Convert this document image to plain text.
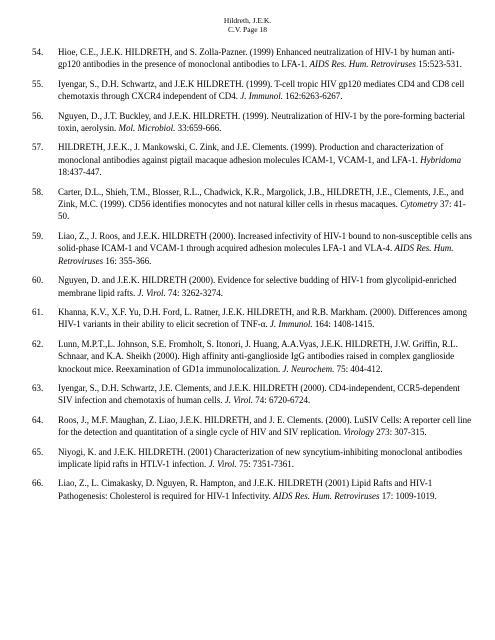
Hildreth, J.E.K.
C.V. Page 18
54.	Hioe, C.E., J.E.K. HILDRETH, and S. Zolla-Pazner. (1999) Enhanced neutralization of HIV-1 by human anti-gp120 antibodies in the presence of monoclonal antibodies to LFA-1. AIDS Res. Hum. Retroviruses 15:523-531.
55.	Iyengar, S., D.H. Schwartz, and J.E.K HILDRETH. (1999). T-cell tropic HIV gp120 mediates CD4 and CD8 cell chemotaxis through CXCR4 independent of CD4. J. Immunol. 162:6263-6267.
56.	Nguyen, D., J.T. Buckley, and J.E.K. HILDRETH. (1999). Neutralization of HIV-1 by the pore-forming bacterial toxin, aerolysin. Mol. Microbiol. 33:659-666.
57.	HILDRETH, J.E.K., J. Mankowski, C. Zink, and J.E. Clements. (1999). Production and characterization of monoclonal antibodies against pigtail macaque adhesion molecules ICAM-1, VCAM-1, and LFA-1. Hybridoma 18:437-447.
58.	Carter, D.L., Shieh, T.M., Blosser, R.L., Chadwick, K.R., Margolick, J.B., HILDRETH, J.E., Clements, J.E., and Zink, M.C. (1999). CD56 identifies monocytes and not natural killer cells in rhesus macaques. Cytometry 37: 41-50.
59.	Liao, Z., J. Roos, and J.E.K. HILDRETH (2000). Increased infectivity of HIV-1 bound to non-susceptible cells ans solid-phase ICAM-1 and VCAM-1 through acquired adhesion molecules LFA-1 and VLA-4. AIDS Res. Hum. Retroviruses 16: 355-366.
60.	Nguyen, D. and J.E.K. HILDRETH (2000). Evidence for selective budding of HIV-1 from glycolipid-enriched membrane lipid rafts. J. Virol. 74: 3262-3274.
61.	Khanna, K.V., X.F. Yu, D.H. Ford, L. Ratner, J.E.K. HILDRETH, and R.B. Markham. (2000). Differences among HIV-1 variants in their ability to elicit secretion of TNF-α. J. Immunol. 164: 1408-1415.
62.	Lunn, M.P.T.,L. Johnson, S.E. Fromholt, S. Itonori, J. Huang, A.A.Vyas, J.E.K. HILDRETH, J.W. Griffin, R.L. Schnaar, and K.A. Sheikh (2000). High affinity anti-ganglioside IgG antibodies raised in complex ganglioside knockout mice. Reexamination of GD1a immunolocalization. J. Neurochem. 75: 404-412.
63.	Iyengar, S., D.H. Schwartz, J.E. Clements, and J.E.K. HILDRETH (2000). CD4-independent, CCR5-dependent SIV infection and chemotaxis of human cells. J. Virol. 74: 6720-6724.
64.	Roos, J., M.F. Maughan, Z. Liao, J.E.K. HILDRETH, and J. E. Clements. (2000). LuSIV Cells: A reporter cell line for the detection and quantitation of a single cycle of HIV and SIV replication. Virology 273: 307-315.
65.	Niyogi, K. and J.E.K. HILDRETH. (2001) Characterization of new syncytium-inhibiting monoclonal antibodies implicate lipid rafts in HTLV-1 infection. J. Virol. 75: 7351-7361.
66.	Liao, Z., L. Cimakasky, D. Nguyen, R. Hampton, and J.E.K. HILDRETH (2001) Lipid Rafts and HIV-1 Pathogenesis: Cholesterol is required for HIV-1 Infectivity. AIDS Res. Hum. Retroviruses 17: 1009-1019.
